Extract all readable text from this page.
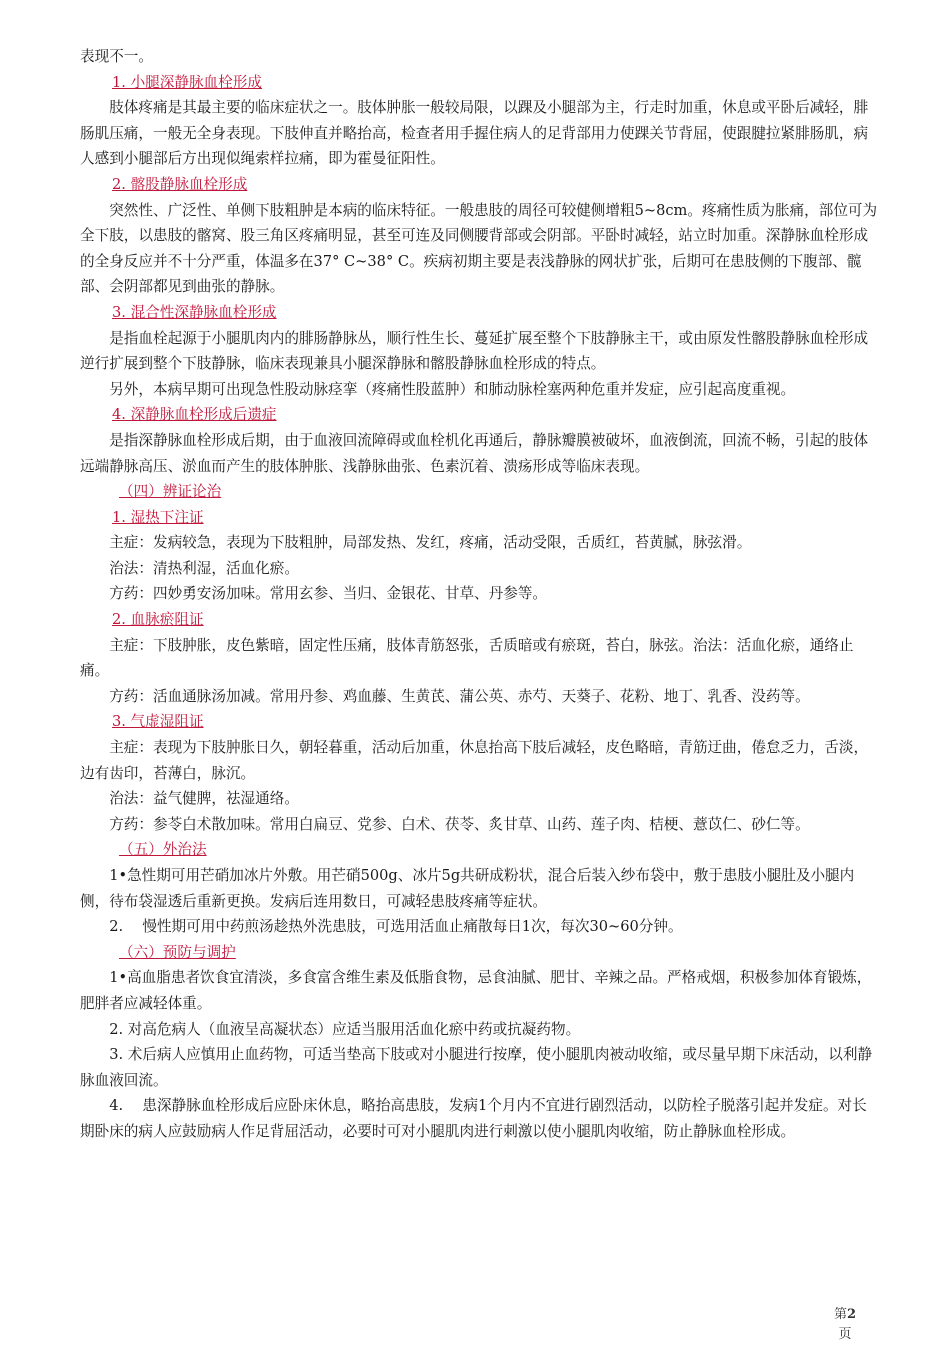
表现不一。

1. 小腿深静脉血栓形成

肢体疼痛是其最主要的临床症状之一。肢体肿胀一般较局限，以踝及小腿部为主，行走时加重，休息或平卧后减轻，腓肠肌压痛，一般无全身表现。下肢伸直并略抬高，检查者用手握住病人的足背部用力使踝关节背屈，使跟腱拉紧腓肠肌，病人感到小腿部后方出现似绳索样拉痛，即为霍曼征阳性。

2. 髂股静脉血栓形成

突然性、广泛性、单侧下肢粗肿是本病的临床特征。一般患肢的周径可较健侧增粗5~8cm。疼痛性质为胀痛，部位可为全下肢，以患肢的髂窝、股三角区疼痛明显，甚至可连及同侧腰背部或会阴部。平卧时减轻，站立时加重。深静脉血栓形成的全身反应并不十分严重，体温多在37° C~38° C。疾病初期主要是表浅静脉的网状扩张，后期可在患肢侧的下腹部、髋部、会阴部都见到曲张的静脉。

3. 混合性深静脉血栓形成

是指血栓起源于小腿肌肉内的腓肠静脉丛，顺行性生长、蔓延扩展至整个下肢静脉主干，或由原发性髂股静脉血栓形成逆行扩展到整个下肢静脉，临床表现兼具小腿深静脉和髂股静脉血栓形成的特点。

另外，本病早期可出现急性股动脉痉挛（疼痛性股蓝肿）和肺动脉栓塞两种危重并发症，应引起高度重视。

4. 深静脉血栓形成后遗症

是指深静脉血栓形成后期，由于血液回流障碍或血栓机化再通后，静脉瓣膜被破坏，血液倒流，回流不畅，引起的肢体远端静脉高压、淤血而产生的肢体肿胀、浅静脉曲张、色素沉着、溃疡形成等临床表现。

（四）辨证论治

1. 湿热下注证

主症：发病较急，表现为下肢粗肿，局部发热、发红，疼痛，活动受限，舌质红，苔黄腻，脉弦滑。

治法：清热利湿，活血化瘀。

方药：四妙勇安汤加味。常用玄参、当归、金银花、甘草、丹参等。

2. 血脉瘀阻证

主症：下肢肿胀，皮色紫暗，固定性压痛，肢体青筋怒张，舌质暗或有瘀斑，苔白，脉弦。治法：活血化瘀，通络止痛。

方药：活血通脉汤加减。常用丹参、鸡血藤、生黄芪、蒲公英、赤芍、天葵子、花粉、地丁、乳香、没药等。

3. 气虚湿阻证

主症：表现为下肢肿胀日久，朝轻暮重，活动后加重，休息抬高下肢后减轻，皮色略暗，青筋迂曲，倦怠乏力，舌淡，边有齿印，苔薄白，脉沉。

治法：益气健脾，祛湿通络。

方药：参苓白术散加味。常用白扁豆、党参、白术、茯苓、炙甘草、山药、莲子肉、桔梗、薏苡仁、砂仁等。

（五）外治法

1•急性期可用芒硝加冰片外敷。用芒硝500g、冰片5g共研成粉状，混合后装入纱布袋中，敷于患肢小腿肚及小腿内侧，待布袋湿透后重新更换。发病后连用数日，可减轻患肢疼痛等症状。

2.　 慢性期可用中药煎汤趁热外洗患肢，可选用活血止痛散每日1次，每次30~60分钟。

（六）预防与调护

1•高血脂患者饮食宜清淡，多食富含维生素及低脂食物，忌食油腻、肥甘、辛辣之品。严格戒烟，积极参加体育锻炼，肥胖者应减轻体重。

2. 对高危病人（血液呈高凝状态）应适当服用活血化瘀中药或抗凝药物。

3. 术后病人应慎用止血药物，可适当垫高下肢或对小腿进行按摩，使小腿肌肉被动收缩，或尽量早期下床活动，以利静脉血液回流。

4.　 患深静脉血栓形成后应卧床休息，略抬高患肢，发病1个月内不宜进行剧烈活动，以防栓子脱落引起并发症。对长期卧床的病人应鼓励病人作足背屈活动，必要时可对小腿肌肉进行刺激以使小腿肌肉收缩，防止静脉血栓形成。

第2
页
